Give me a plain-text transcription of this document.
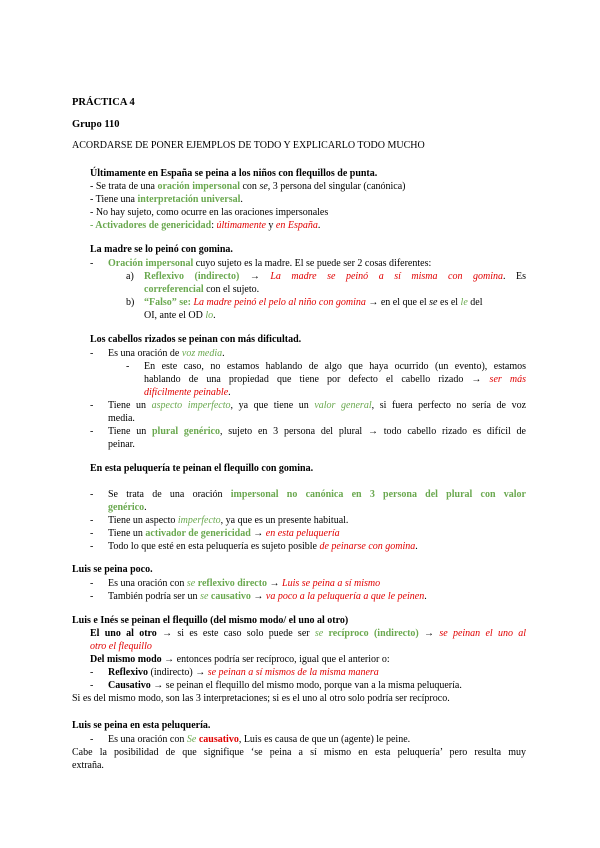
PRÁCTICA 4
Grupo 110
ACORDARSE DE PONER EJEMPLOS DE TODO Y EXPLICARLO TODO MUCHO
Últimamente en España se peina a los niños con flequillos de punta.
- Se trata de una oración impersonal con se, 3 persona del singular (canónica)
- Tiene una interpretación universal.
- No hay sujeto, como ocurre en las oraciones impersonales
- Activadores de genericidad: últimamente y en España.
La madre se lo peinó con gomina.
- Oración impersonal cuyo sujeto es la madre. El se puede ser 2 cosas diferentes:
a) Reflexivo (indirecto) → La madre se peinó a sí misma con gomina. Es
correferencial con el sujeto.
b) “Falso” se: La madre peinó el pelo al niño con gomina → en el que el se es el le del
OI, ante el OD lo.
Los cabellos rizados se peinan con más dificultad.
- Es una oración de voz media.
- En este caso, no estamos hablando de algo que haya ocurrido (un evento), estamos
hablando de una propiedad que tiene por defecto el cabello rizado → ser más
difícilmente peinable.
- Tiene un aspecto imperfecto, ya que tiene un valor general, si fuera perfecto no sería de voz
media.
- Tiene un plural genérico, sujeto en 3 persona del plural → todo cabello rizado es difícil de
peinar.
En esta peluquería te peinan el flequillo con gomina.
- Se trata de una oración impersonal no canónica en 3 persona del plural con valor
genérico.
- Tiene un aspecto imperfecto, ya que es un presente habitual.
- Tiene un activador de genericidad → en esta peluquería
- Todo lo que esté en esta peluquería es sujeto posible de peinarse con gomina.
Luis se peina poco.
- Es una oración con se reflexivo directo → Luis se peina a sí mismo
- También podría ser un se causativo → va poco a la peluquería a que le peinen.
Luis e Inés se peinan el flequillo (del mismo modo/ el uno al otro)
El uno al otro → si es este caso solo puede ser se recíproco (indirecto) → se peinan el uno al
otro el flequillo
Del mismo modo → entonces podría ser recíproco, igual que el anterior o:
- Reflexivo (indirecto) → se peinan a sí mismos de la misma manera
- Causativo → se peinan el flequillo del mismo modo, porque van a la misma peluquería.
Si es del mismo modo, son las 3 interpretaciones; si es el uno al otro solo podría ser recíproco.
Luis se peina en esta peluquería.
- Es una oración con Se causativo, Luis es causa de que un (agente) le peine.
Cabe la posibilidad de que signifique ‘se peina a sí mismo en esta peluquería’ pero resulta muy
extraña.
